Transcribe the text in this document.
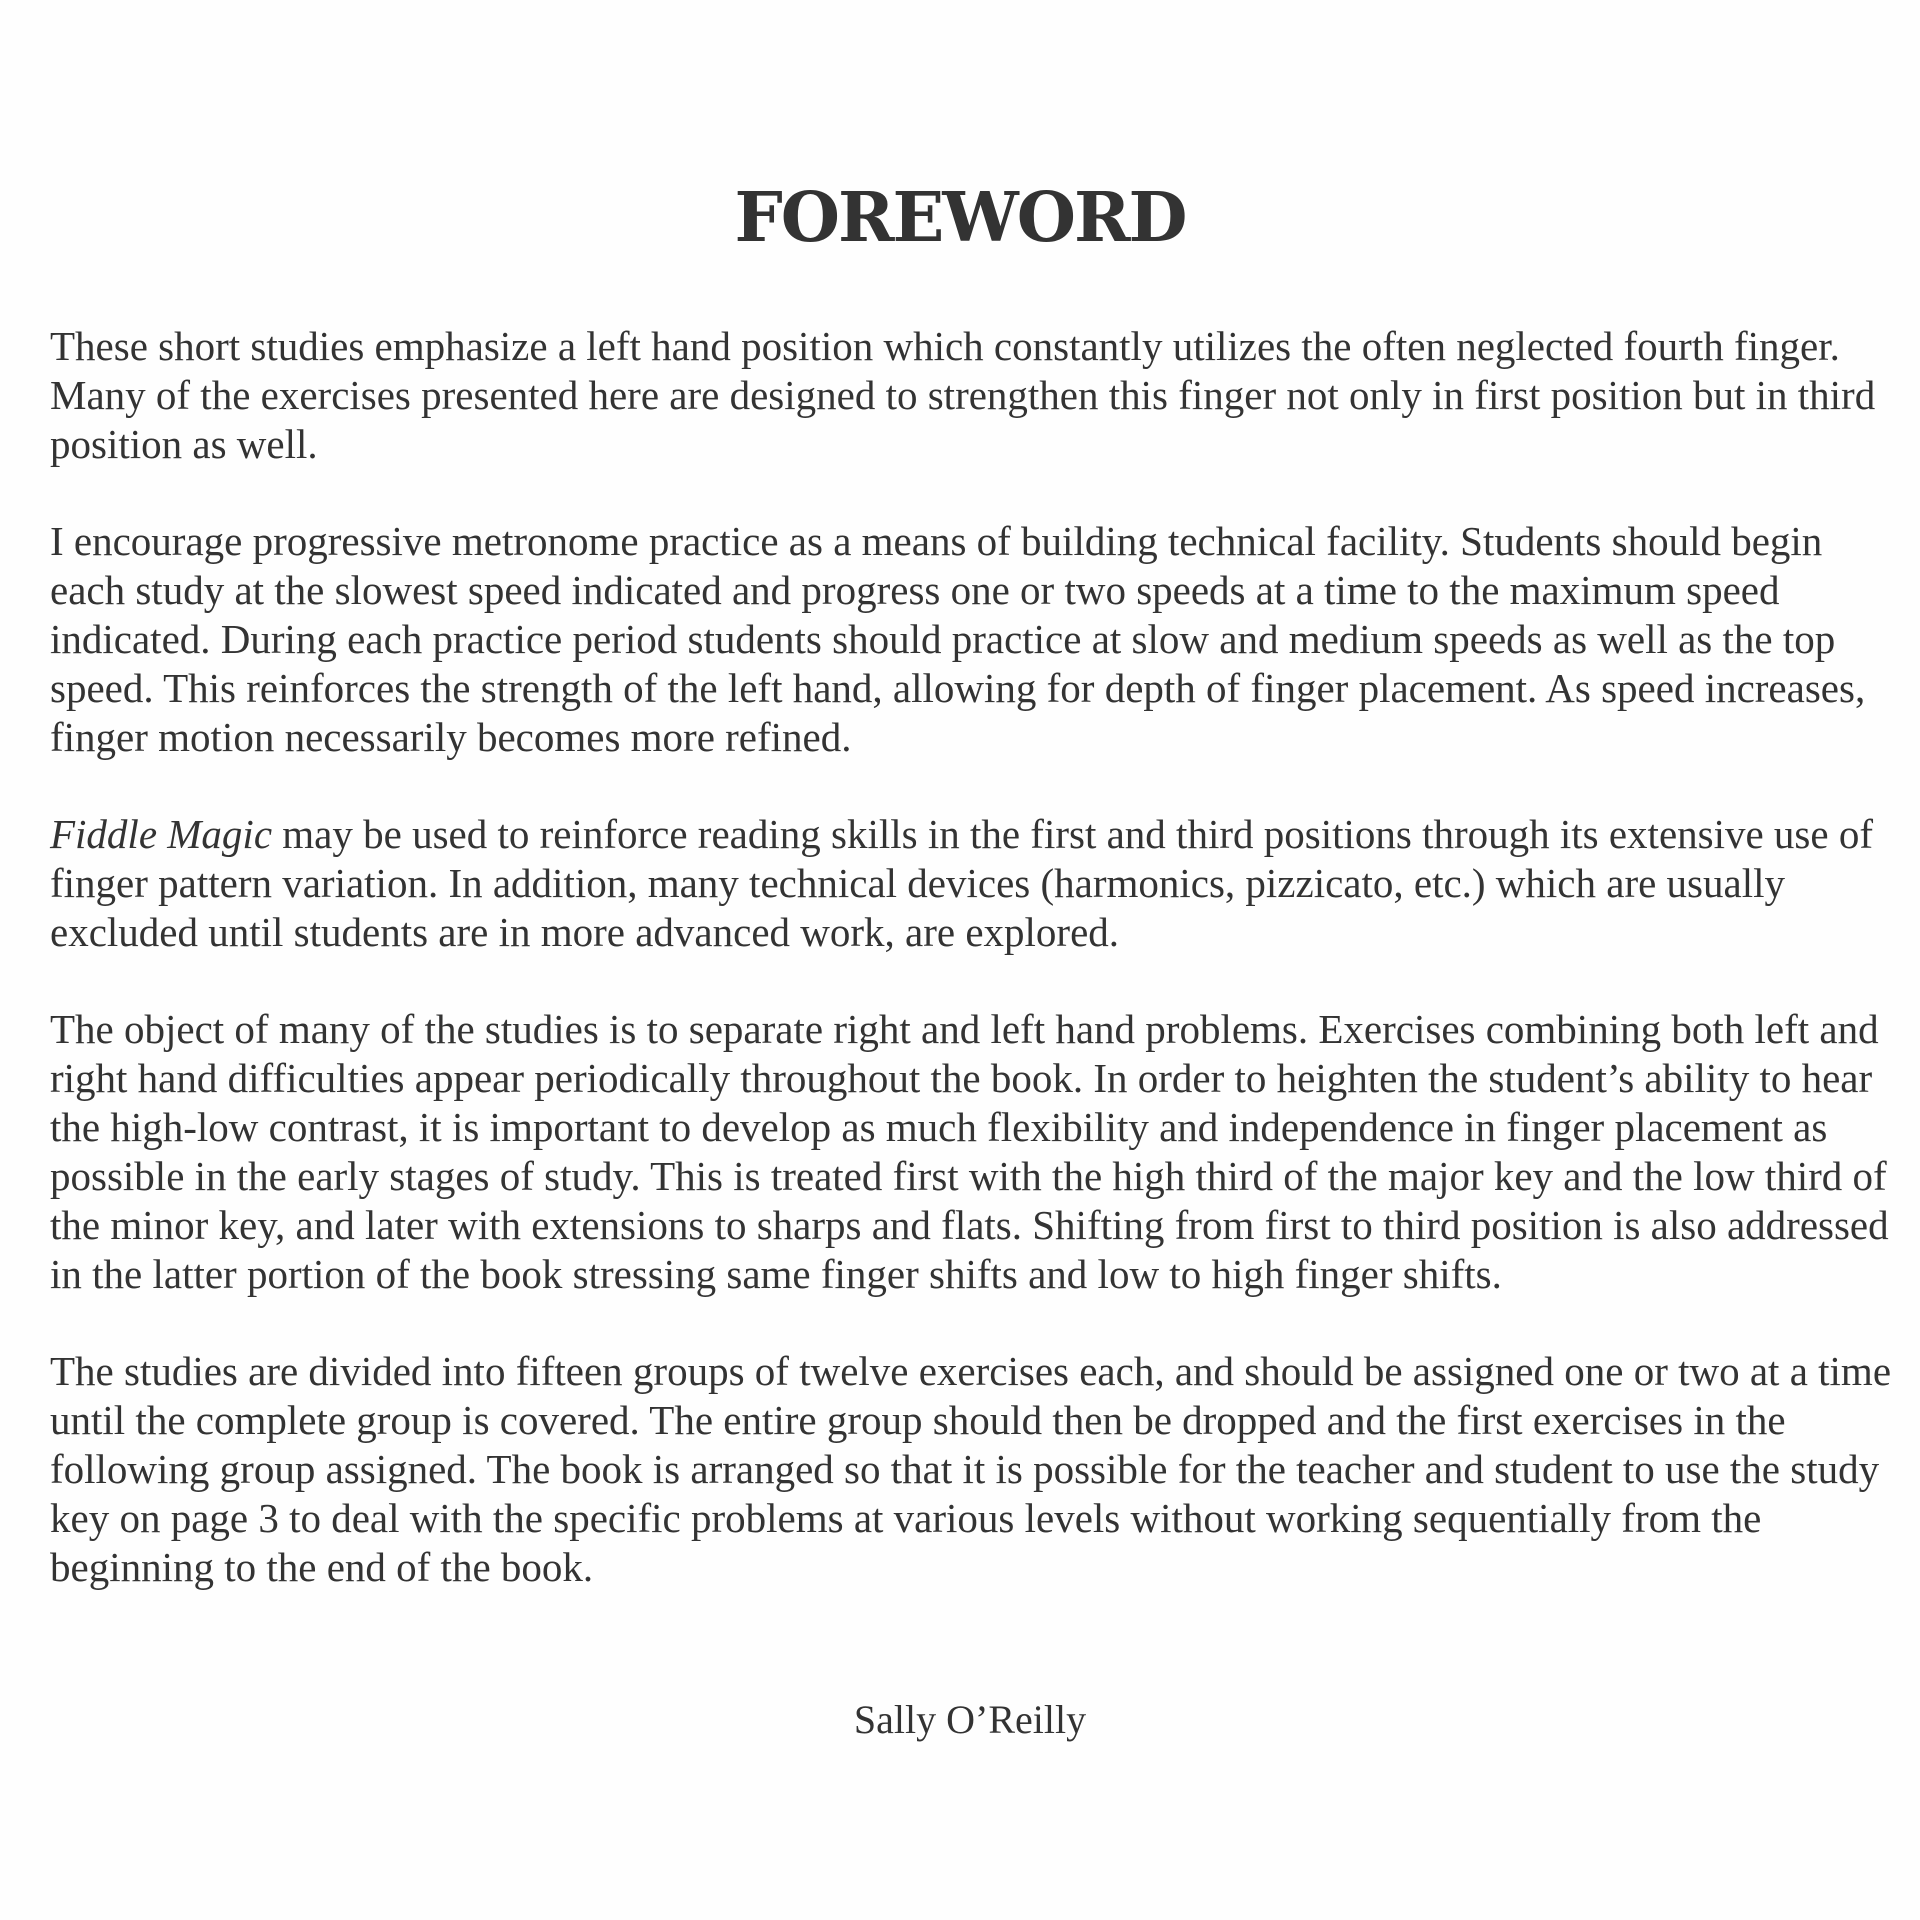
FOREWORD

These short studies emphasize a left hand position which constantly utilizes the often neglected fourth finger. Many of the exercises presented here are designed to strengthen this finger not only in first position but in third position as well.

I encourage progressive metronome practice as a means of building technical facility. Students should begin each study at the slowest speed indicated and progress one or two speeds at a time to the maximum speed indicated. During each practice period students should practice at slow and medium speeds as well as the top speed. This reinforces the strength of the left hand, allowing for depth of finger placement. As speed increases, finger motion necessarily becomes more refined.

Fiddle Magic may be used to reinforce reading skills in the first and third positions through its extensive use of finger pattern variation. In addition, many technical devices (harmonics, pizzicato, etc.) which are usually excluded until students are in more advanced work, are explored.

The object of many of the studies is to separate right and left hand problems. Exercises combining both left and right hand difficulties appear periodically throughout the book. In order to heighten the student’s ability to hear the high-low contrast, it is important to develop as much flexibility and independence in finger placement as possible in the early stages of study. This is treated first with the high third of the major key and the low third of the minor key, and later with extensions to sharps and flats. Shifting from first to third position is also addressed in the latter portion of the book stressing same finger shifts and low to high finger shifts.

The studies are divided into fifteen groups of twelve exercises each, and should be assigned one or two at a time until the complete group is covered. The entire group should then be dropped and the first exercises in the following group assigned. The book is arranged so that it is possible for the teacher and student to use the study key on page 3 to deal with the specific problems at various levels without working sequentially from the beginning to the end of the book.

Sally O’Reilly
